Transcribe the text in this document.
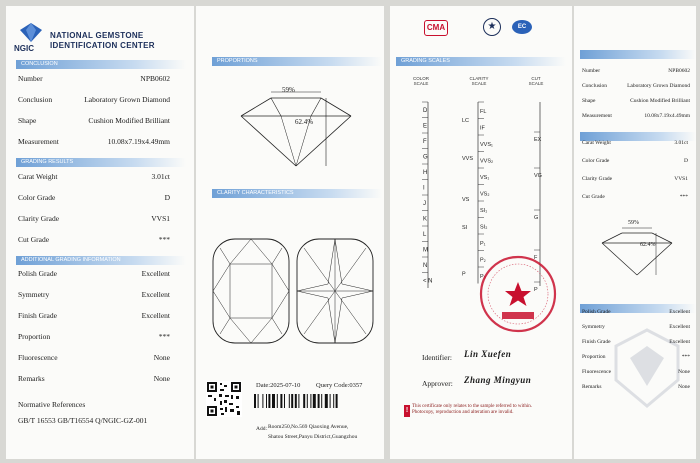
NGIC
NATIONAL GEMSTONE
IDENTIFICATION CENTER
CONCLUSION
Number	NPB0602
Conclusion	Laboratory Grown Diamond
Shape	Cushion Modified Brilliant
Measurement	10.08x7.19x4.49mm
GRADING RESULTS
Carat Weight	3.01ct
Color Grade	D
Clarity Grade	VVS1
Cut Grade	***
ADDITIONAL GRADING INFORMATION
Polish Grade	Excellent
Symmetry	Excellent
Finish Grade	Excellent
Proportion	***
Fluorescence	None
Remarks	None
Normative References
GB/T 16553 GB/T16554 Q/NGIC-GZ-001
PROPORTIONS
59%
62.4%
CLARITY CHARACTERISTICS
Date:2025-07-10 Query Code:0357
Add：
Room250,No.569 Qiaoxing Avenue,
Shatou Street,Panyu District,Guangzhou
CMA	★	EC
GRADING SCALES
COLOR SCALE
CLARITY SCALE
CUT SCALE
D
E
F
G
H
I
J
K
L
M
N
< N
FL
IF
VVS₁
VVS₂
VS₁
VS₂
SI₁
SI₂
P₁
P₂
P₃
LC
VVS
VS
SI
P
EX
VG
G
F
P
Identifier: Lin Xuefen
Approver: Zhang Mingyun
!
This certificate only relates to the sample referred to within. Photocopy, reproduction and alteration are invalid.
Number	NPB0602
Conclusion	Laboratory Grown Diamond
Shape	Cushion Modified Brilliant
Measurement	10.08x7.19x4.49mm
Carat Weight	3.01ct
Color Grade	D
Clarity Grade	VVS1
Cut Grade	***
59%
62.4%
Polish Grade	Excellent
Symmetry	Excellent
Finish Grade	Excellent
Proportion	***
Fluorescence	None
Remarks	None
